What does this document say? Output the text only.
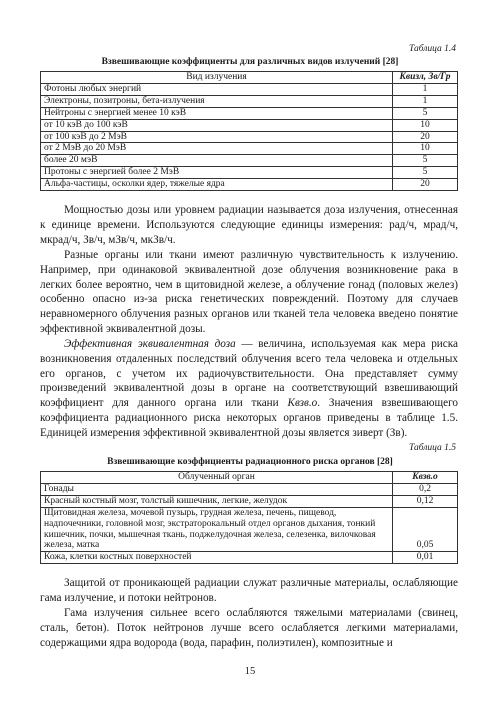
Таблица 1.4
Взвешивающие коэффициенты для различных видов излучений [28]
Вид излучения	Kвизл, Зв/Гр
Фотоны любых энергий	1
Электроны, позитроны, бета-излучения	1
Нейтроны с энергией менее 10 кэВ	5
от 10 кэВ до 100 кэВ	10
от 100 кэВ до 2 МэВ	20
от 2 МэВ до 20 МэВ	10
более 20 мэВ	5
Протоны с энергией более 2 МэВ	5
Альфа-частицы, осколки ядер, тяжелые ядра	20

Мощностью дозы или уровнем радиации называется доза излучения, отнесенная к единице времени. Используются следующие единицы измерения: рад/ч, мрад/ч, мкрад/ч, Зв/ч, мЗв/ч, мкЗв/ч.

Разные органы или ткани имеют различную чувствительность к излучению. Например, при одинаковой эквивалентной дозе облучения возникновение рака в легких более вероятно, чем в щитовидной железе, а облучение гонад (половых желез) особенно опасно из-за риска генетических повреждений. Поэтому для случаев неравномерного облучения разных органов или тканей тела человека введено понятие эффективной эквивалентной дозы.

Эффективная эквивалентная доза — величина, используемая как мера риска возникновения отдаленных последствий облучения всего тела человека и отдельных его органов, с учетом их радиочувствительности. Она представляет сумму произведений эквивалентной дозы в органе на соответствующий взвешивающий коэффициент для данного органа или ткани Kвзв.о. Значения взвешивающего коэффициента радиационного риска некоторых органов приведены в таблице 1.5. Единицей измерения эффективной эквивалентной дозы является зиверт (Зв).

Таблица 1.5
Взвешивающие коэффициенты радиационного риска органов [28]
Облученный орган	Kвзв.о
Гонады	0,2
Красный костный мозг, толстый кишечник, легкие, желудок	0,12
Щитовидная железа, мочевой пузырь, грудная железа, печень, пищевод, надпочечники, головной мозг, экстраторокальный отдел органов дыхания, тонкий кишечник, почки, мышечная ткань, поджелудочная железа, селезенка, вилочковая железа, матка	0,05
Кожа, клетки костных поверхностей	0,01

Защитой от проникающей радиации служат различные материалы, ослабляющие гама излучение, и потоки нейтронов.

Гама излучения сильнее всего ослабляются тяжелыми материалами (свинец, сталь, бетон). Поток нейтронов лучше всего ослабляется легкими материалами, содержащими ядра водорода (вода, парафин, полиэтилен), композитные и

15
